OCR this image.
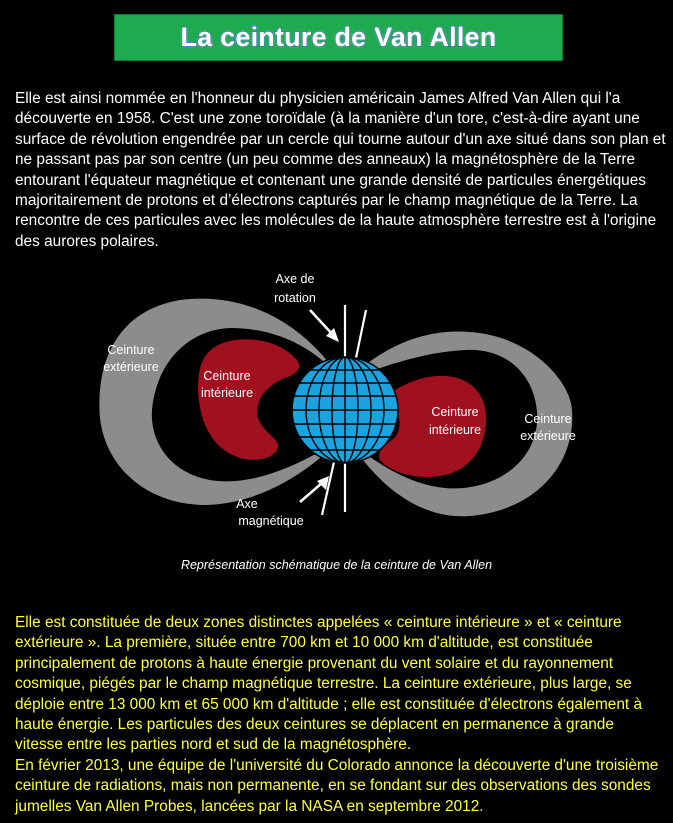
La ceinture de Van Allen

Elle est ainsi nommée en l'honneur du physicien américain James Alfred Van Allen qui l'a découverte en 1958. C'est une zone toroïdale (à la manière d'un tore, c'est-à-dire ayant une surface de révolution engendrée par un cercle qui tourne autour d'un axe situé dans son plan et ne passant pas par son centre (un peu comme des anneaux) la magnétosphère de la Terre entourant l'équateur magnétique et contenant une grande densité de particules énergétiques majoritairement de protons et d’électrons capturés par le champ magnétique de la Terre. La rencontre de ces particules avec les molécules de la haute atmosphère terrestre est à l'origine des aurores polaires.

Axe de
rotation
Ceinture
extérieure
Ceinture
intérieure
Ceinture
intérieure
Ceinture
extérieure
Axe
magnétique
Représentation schématique de la ceinture de Van Allen

Elle est constituée de deux zones distinctes appelées « ceinture intérieure » et « ceinture extérieure ». La première, située entre 700 km et 10 000 km d'altitude, est constituée principalement de protons à haute énergie provenant du vent solaire et du rayonnement cosmique, piégés par le champ magnétique terrestre. La ceinture extérieure, plus large, se déploie entre 13 000 km et 65 000 km d'altitude ; elle est constituée d'électrons également à haute énergie. Les particules des deux ceintures se déplacent en permanence à grande vitesse entre les parties nord et sud de la magnétosphère.

En février 2013, une équipe de l'université du Colorado annonce la découverte d'une troisième ceinture de radiations, mais non permanente, en se fondant sur des observations des sondes jumelles Van Allen Probes, lancées par la NASA en septembre 2012.
